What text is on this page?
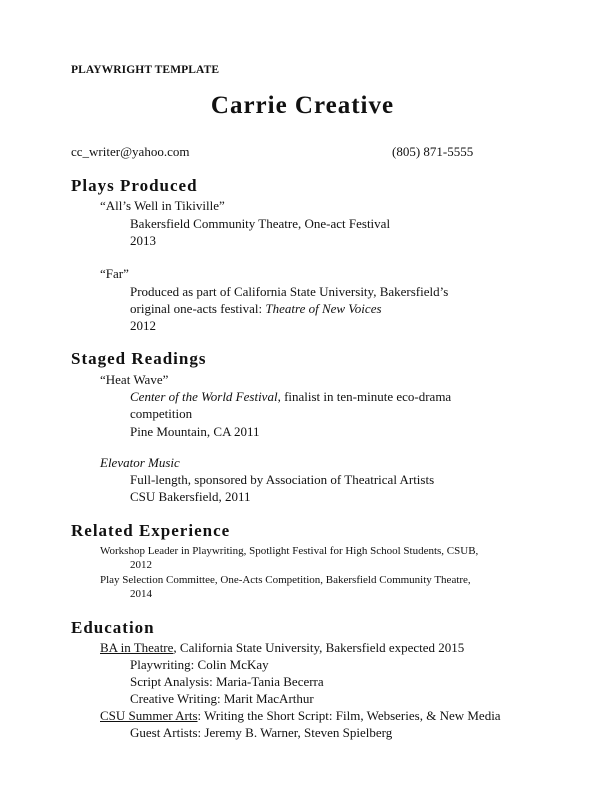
PLAYWRIGHT TEMPLATE
Carrie Creative
cc_writer@yahoo.com	(805) 871-5555
Plays Produced
“All’s Well in Tikiville”
Bakersfield Community Theatre, One-act Festival
2013
“Far”
Produced as part of California State University, Bakersfield’s
original one-acts festival: Theatre of New Voices
2012
Staged Readings
“Heat Wave”
Center of the World Festival, finalist in ten-minute eco-drama
competition
Pine Mountain, CA 2011
Elevator Music
Full-length, sponsored by Association of Theatrical Artists
CSU Bakersfield, 2011
Related Experience
Workshop Leader in Playwriting, Spotlight Festival for High School Students, CSUB,
2012
Play Selection Committee, One-Acts Competition, Bakersfield Community Theatre,
2014
Education
BA in Theatre, California State University, Bakersfield expected 2015
Playwriting: Colin McKay
Script Analysis: Maria-Tania Becerra
Creative Writing: Marit MacArthur
CSU Summer Arts: Writing the Short Script: Film, Webseries, & New Media
Guest Artists: Jeremy B. Warner, Steven Spielberg
